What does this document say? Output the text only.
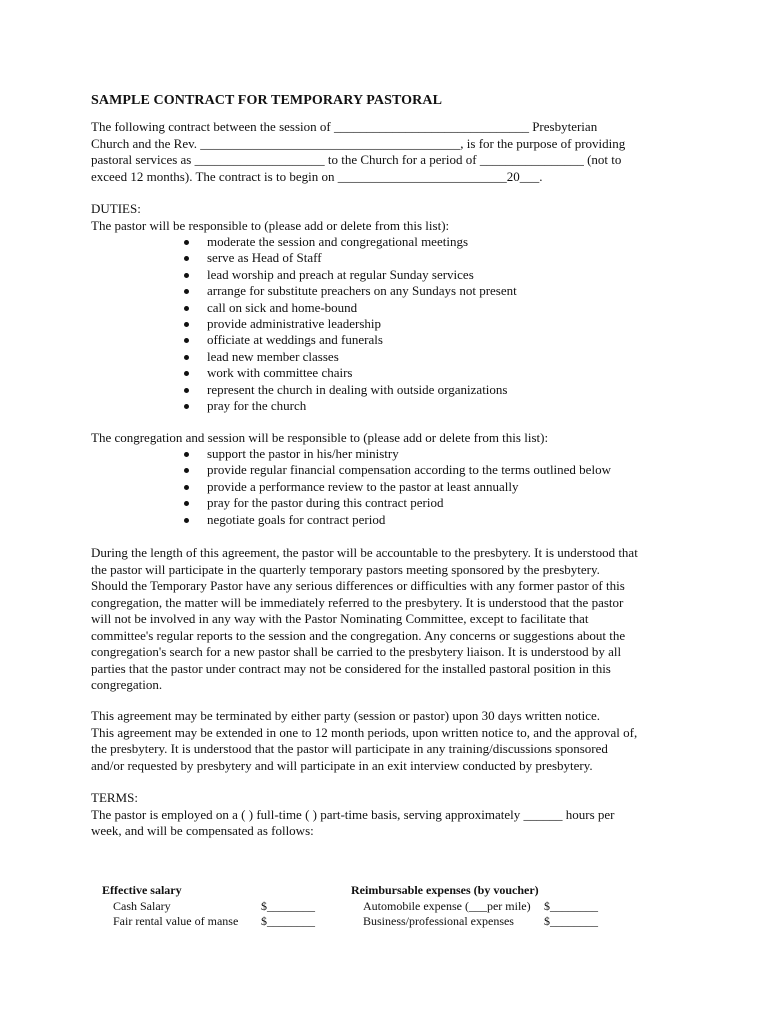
SAMPLE CONTRACT FOR TEMPORARY PASTORAL
The following contract between the session of ______________________________ Presbyterian
Church and the Rev. ________________________________________, is for the purpose of providing
pastoral services as ____________________ to the Church for a period of ________________ (not to
exceed 12 months). The contract is to begin on __________________________20___.
DUTIES:
The pastor will be responsible to (please add or delete from this list):
moderate the session and congregational meetings
serve as Head of Staff
lead worship and preach at regular Sunday services
arrange for substitute preachers on any Sundays not present
call on sick and home-bound
provide administrative leadership
officiate at weddings and funerals
lead new member classes
work with committee chairs
represent the church in dealing with outside organizations
pray for the church
The congregation and session will be responsible to (please add or delete from this list):
support the pastor in his/her ministry
provide regular financial compensation according to the terms outlined below
provide a performance review to the pastor at least annually
pray for the pastor during this contract period
negotiate goals for contract period
During the length of this agreement, the pastor will be accountable to the presbytery. It is understood that
the pastor will participate in the quarterly temporary pastors meeting sponsored by the presbytery.
Should the Temporary Pastor have any serious differences or difficulties with any former pastor of this
congregation, the matter will be immediately referred to the presbytery. It is understood that the pastor
will not be involved in any way with the Pastor Nominating Committee, except to facilitate that
committee's regular reports to the session and the congregation. Any concerns or suggestions about the
congregation's search for a new pastor shall be carried to the presbytery liaison. It is understood by all
parties that the pastor under contract may not be considered for the installed pastoral position in this
congregation.
This agreement may be terminated by either party (session or pastor) upon 30 days written notice.
This agreement may be extended in one to 12 month periods, upon written notice to, and the approval of,
the presbytery. It is understood that the pastor will participate in any training/discussions sponsored
and/or requested by presbytery and will participate in an exit interview conducted by presbytery.
TERMS:
The pastor is employed on a ( ) full-time ( ) part-time basis, serving approximately ______ hours per
week, and will be compensated as follows:
Effective salary
Cash Salary	$________
Fair rental value of manse $________
Reimbursable expenses (by voucher)
Automobile expense (___per mile) $________
Business/professional expenses	$________
